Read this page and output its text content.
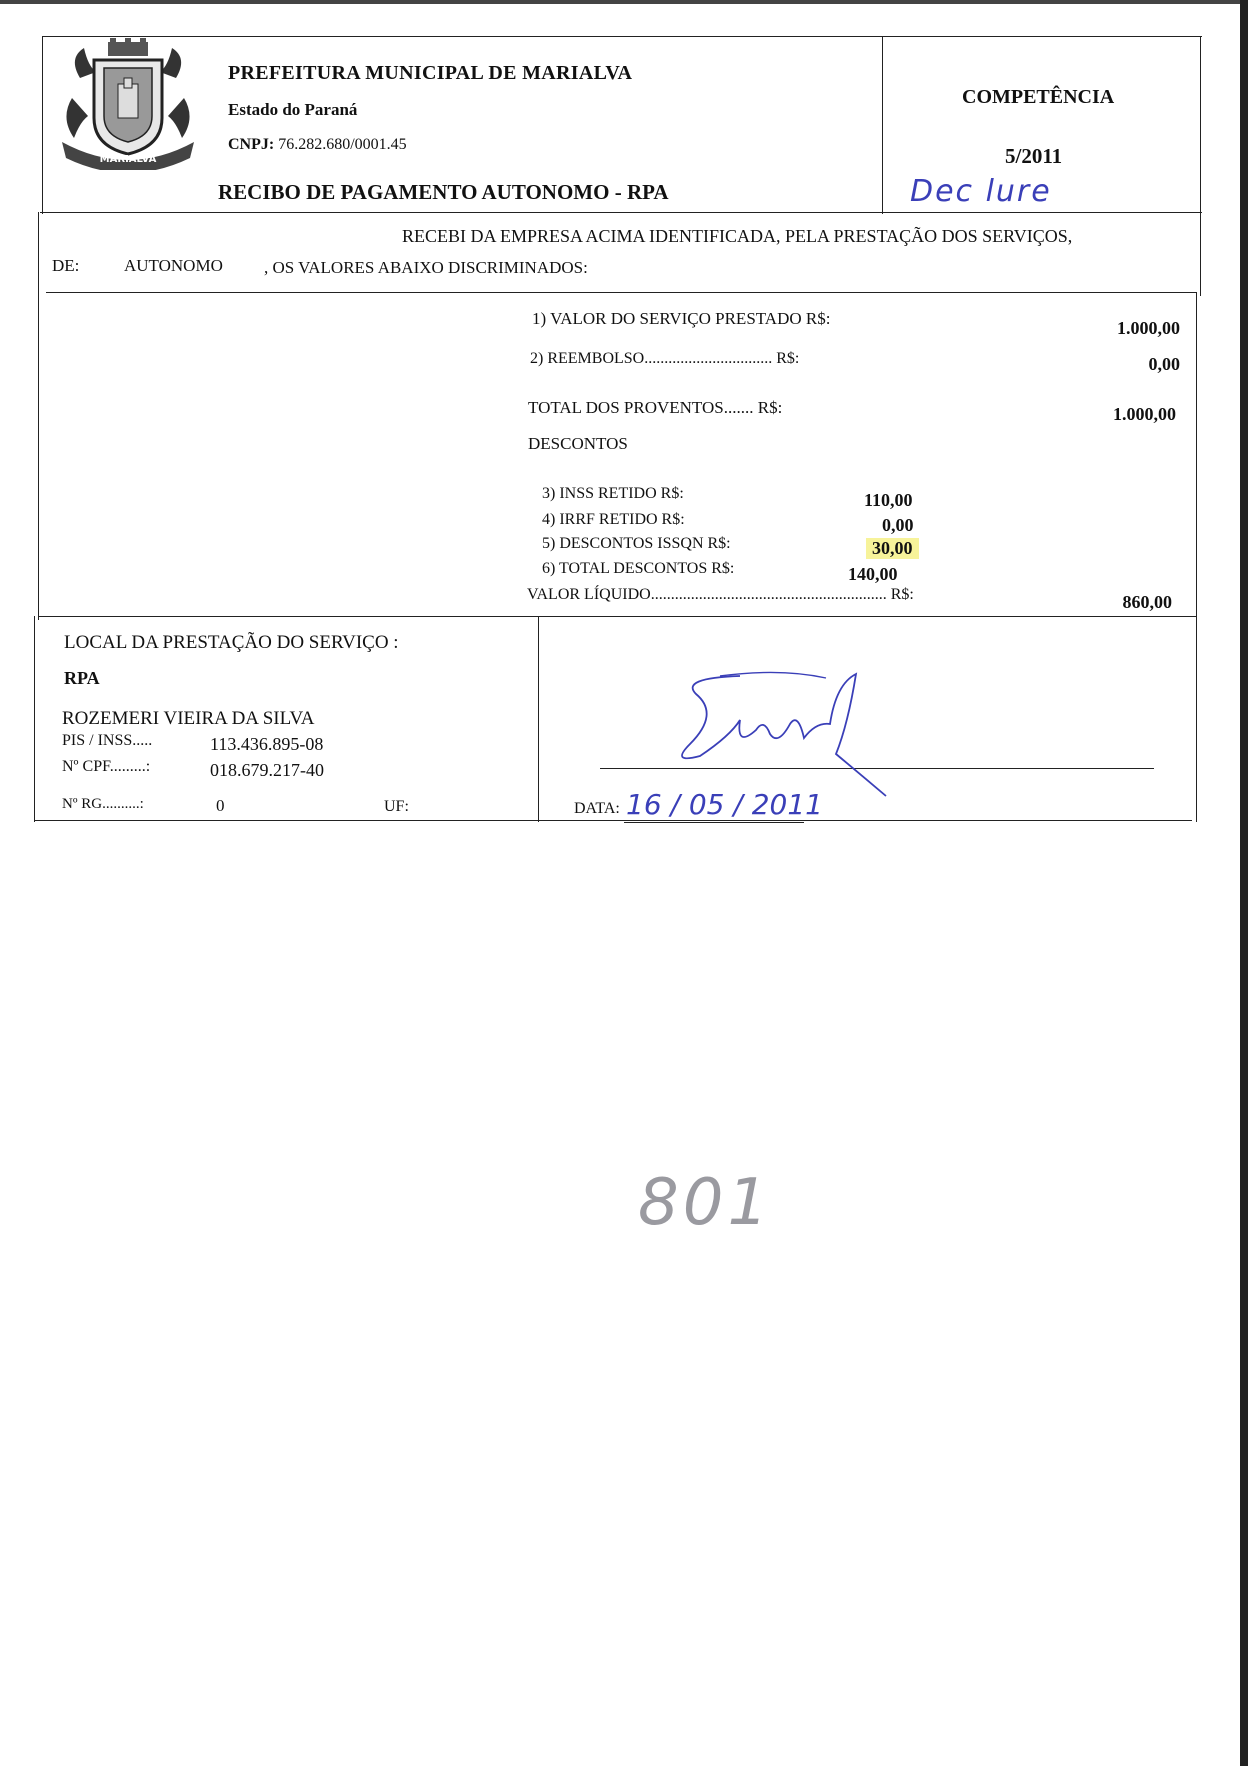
MARIALVA
PREFEITURA MUNICIPAL DE MARIALVA
Estado do Paraná
CNPJ: 76.282.680/0001.45
RECIBO DE PAGAMENTO AUTONOMO - RPA
COMPETÊNCIA
5/2011
Dec lure
RECEBI DA EMPRESA ACIMA IDENTIFICADA, PELA PRESTAÇÃO DOS SERVIÇOS,
DE:	AUTONOMO , OS VALORES ABAIXO DISCRIMINADOS:
1) VALOR DO SERVIÇO PRESTADO R$:	1.000,00
2) REEMBOLSO................................ R$:	0,00
TOTAL DOS PROVENTOS....... R$:	1.000,00
DESCONTOS
3) INSS RETIDO R$:	110,00
4) IRRF RETIDO R$:	0,00
5) DESCONTOS ISSQN R$:	30,00
6) TOTAL DESCONTOS R$:	140,00
VALOR LÍQUIDO........................................................... R$:	860,00
LOCAL DA PRESTAÇÃO DO SERVIÇO :
RPA
ROZEMERI VIEIRA DA SILVA
PIS / INSS.....	113.436.895-08
Nº CPF.........:	018.679.217-40
Nº RG..........:	0	UF:	DATA: 16 / 05 / 2011
801
